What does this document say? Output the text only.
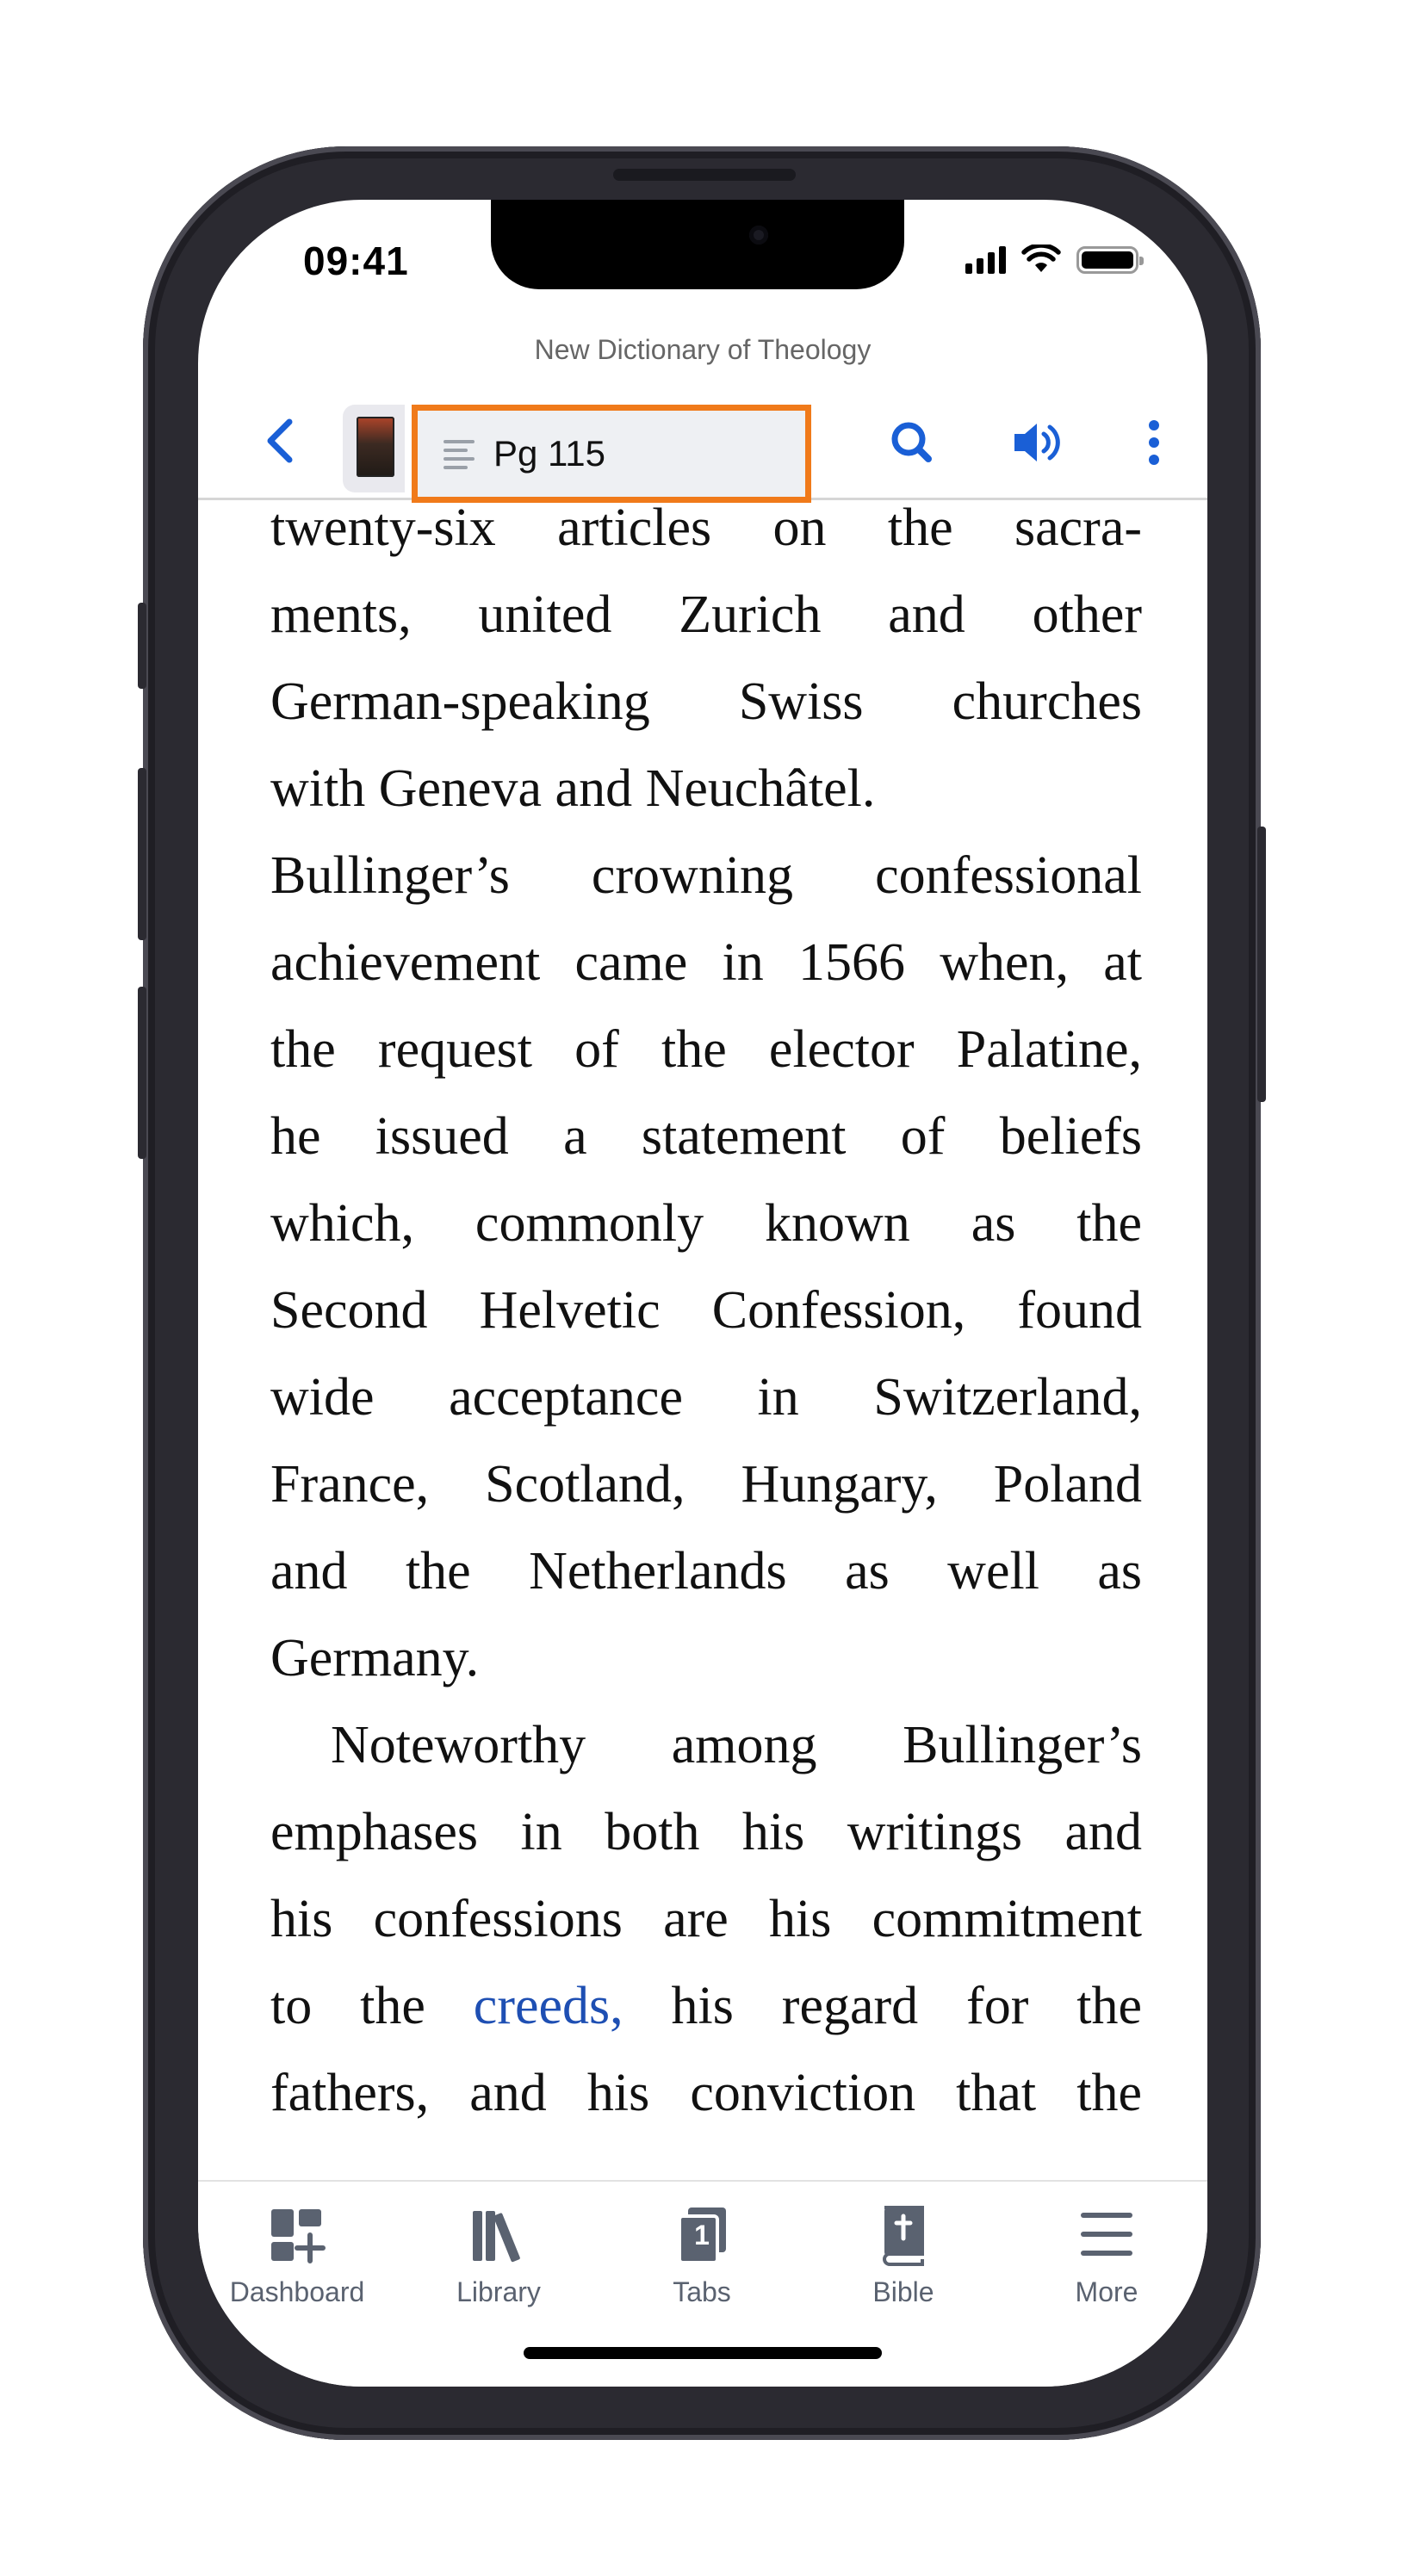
09:41
New Dictionary of Theology
Pg 115
twenty-six articles on the sacra-
ments, united Zurich and other
German-speaking Swiss churches
with Geneva and Neuchâtel.
Bullinger’s crowning confessional
achievement came in 1566 when, at
the request of the elector Palatine,
he issued a statement of beliefs
which, commonly known as the
Second Helvetic Confession, found
wide acceptance in Switzerland,
France, Scotland, Hungary, Poland
and the Netherlands as well as
Germany.
Noteworthy among Bullinger’s
emphases in both his writings and
his confessions are his commitment
to the creeds, his regard for the
fathers, and his conviction that the
Dashboard	Library	Tabs
1
Bible	More
